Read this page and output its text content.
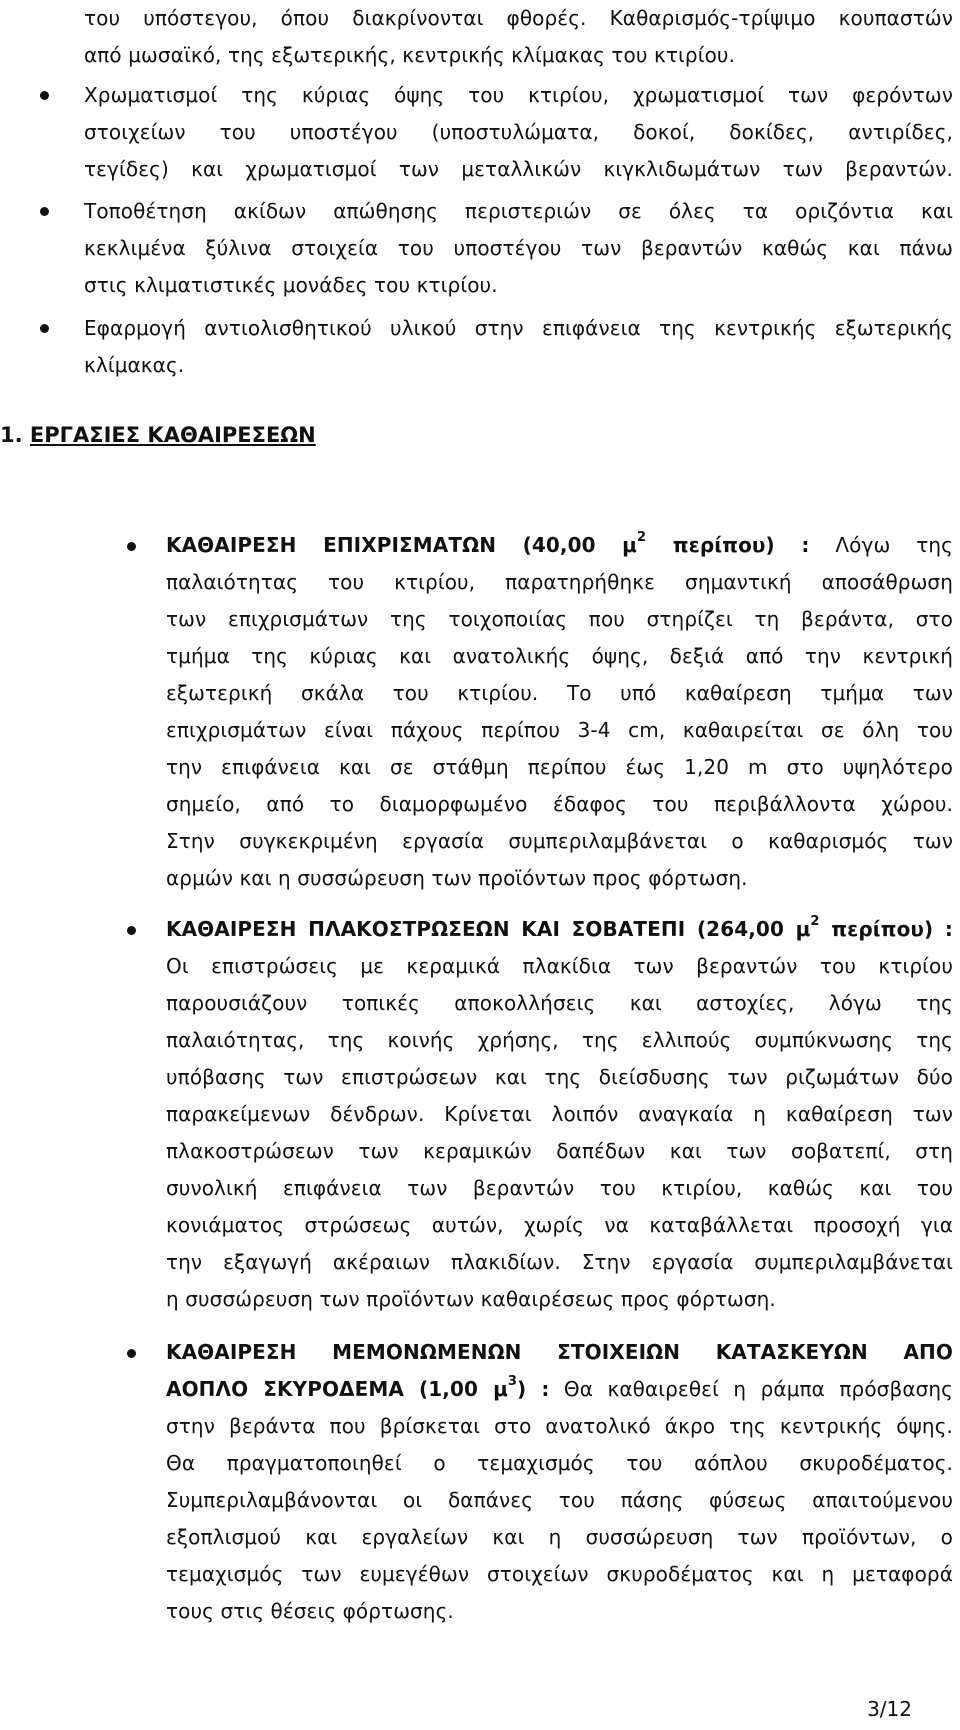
του υπόστεγου, όπου διακρίνονται φθορές. Καθαρισμός-τρίψιμο κουπαστών
από μωσαϊκό, της εξωτερικής, κεντρικής κλίμακας του κτιρίου.
Χρωματισμοί της κύριας όψης του κτιρίου, χρωματισμοί των φερόντων
στοιχείων του υποστέγου (υποστυλώματα, δοκοί, δοκίδες, αντιρίδες,
τεγίδες) και χρωματισμοί των μεταλλικών κιγκλιδωμάτων των βεραντών.
Τοποθέτηση ακίδων απώθησης περιστεριών σε όλες τα οριζόντια και
κεκλιμένα ξύλινα στοιχεία του υποστέγου των βεραντών καθώς και πάνω
στις κλιματιστικές μονάδες του κτιρίου.
Εφαρμογή αντιολισθητικού υλικού στην επιφάνεια της κεντρικής εξωτερικής
κλίμακας.
1. ΕΡΓΑΣΙΕΣ ΚΑΘΑΙΡΕΣΕΩΝ
ΚΑΘΑΙΡΕΣΗ ΕΠΙΧΡΙΣΜΑΤΩΝ (40,00 $\mu^2$ περίπου) : Λόγω της
παλαιότητας του κτιρίου, παρατηρήθηκε σημαντική αποσάθρωση
των επιχρισμάτων της τοιχοποιίας που στηρίζει τη βεράντα, στο
τμήμα της κύριας και ανατολικής όψης, δεξιά από την κεντρική
εξωτερική σκάλα του κτιρίου. Το υπό καθαίρεση τμήμα των
επιχρισμάτων είναι πάχους περίπου 3-4 cm, καθαιρείται σε όλη του
την επιφάνεια και σε στάθμη περίπου έως 1,20 m στο υψηλότερο
σημείο, από το διαμορφωμένο έδαφος του περιβάλλοντα χώρου.
Στην συγκεκριμένη εργασία συμπεριλαμβάνεται ο καθαρισμός των
αρμών και η συσσώρευση των προϊόντων προς φόρτωση.
ΚΑΘΑΙΡΕΣΗ ΠΛΑΚΟΣΤΡΩΣΕΩΝ ΚΑΙ ΣΟΒΑΤΕΠΙ (264,00 $\mu^2$ περίπου) :
Οι επιστρώσεις με κεραμικά πλακίδια των βεραντών του κτιρίου
παρουσιάζουν τοπικές αποκολλήσεις και αστοχίες, λόγω της
παλαιότητας, της κοινής χρήσης, της ελλιπούς συμπύκνωσης της
υπόβασης των επιστρώσεων και της διείσδυσης των ριζωμάτων δύο
παρακείμενων δένδρων. Κρίνεται λοιπόν αναγκαία η καθαίρεση των
πλακοστρώσεων των κεραμικών δαπέδων και των σοβατεπί, στη
συνολική επιφάνεια των βεραντών του κτιρίου, καθώς και του
κονιάματος στρώσεως αυτών, χωρίς να καταβάλλεται προσοχή για
την εξαγωγή ακέραιων πλακιδίων. Στην εργασία συμπεριλαμβάνεται
η συσσώρευση των προϊόντων καθαιρέσεως προς φόρτωση.
ΚΑΘΑΙΡΕΣΗ ΜΕΜΟΝΩΜΕΝΩΝ ΣΤΟΙΧΕΙΩΝ ΚΑΤΑΣΚΕΥΩΝ ΑΠΟ
ΑΟΠΛΟ ΣΚΥΡΟΔΕΜΑ (1,00 $\mu^3$) : Θα καθαιρεθεί η ράμπα πρόσβασης
στην βεράντα που βρίσκεται στο ανατολικό άκρο της κεντρικής όψης.
Θα πραγματοποιηθεί ο τεμαχισμός του αόπλου σκυροδέματος.
Συμπεριλαμβάνονται οι δαπάνες του πάσης φύσεως απαιτούμενου
εξοπλισμού και εργαλείων και η συσσώρευση των προϊόντων, ο
τεμαχισμός των ευμεγέθων στοιχείων σκυροδέματος και η μεταφορά
τους στις θέσεις φόρτωσης.
3/12
